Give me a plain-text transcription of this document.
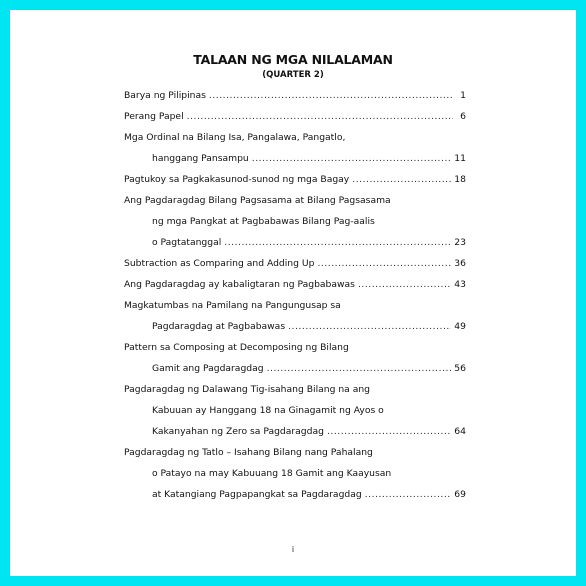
TALAAN NG MGA NILALAMAN
(QUARTER 2)
Barya ng Pilipinas . . .	1
Perang Papel . . .	6
Mga Ordinal na Bilang Isa, Pangalawa, Pangatlo,
hanggang Pansampu . . .	11
Pagtukoy sa Pagkakasunod-sunod ng mga Bagay . . .	18
Ang Pagdaragdag Bilang Pagsasama at Bilang Pagsasama
ng mga Pangkat at Pagbabawas Bilang Pag-aalis
o Pagtatanggal . . .	23
Subtraction as Comparing and Adding Up . . .	36
Ang Pagdaragdag ay kabaligtaran ng Pagbabawas . . .	43
Magkatumbas na Pamilang na Pangungusap sa
Pagdaragdag at Pagbabawas . . .	49
Pattern sa Composing at Decomposing ng Bilang
Gamit ang Pagdaragdag . . .	56
Pagdaragdag ng Dalawang Tig-isahang Bilang na ang
Kabuuan ay Hanggang 18 na Ginagamit ng Ayos o
Kakanyahan ng Zero sa Pagdaragdag . . .	64
Pagdaragdag ng Tatlo – Isahang Bilang nang Pahalang
o Patayo na may Kabuuang 18 Gamit ang Kaayusan
at Katangiang Pagpapangkat sa Pagdaragdag . . .	69
i
